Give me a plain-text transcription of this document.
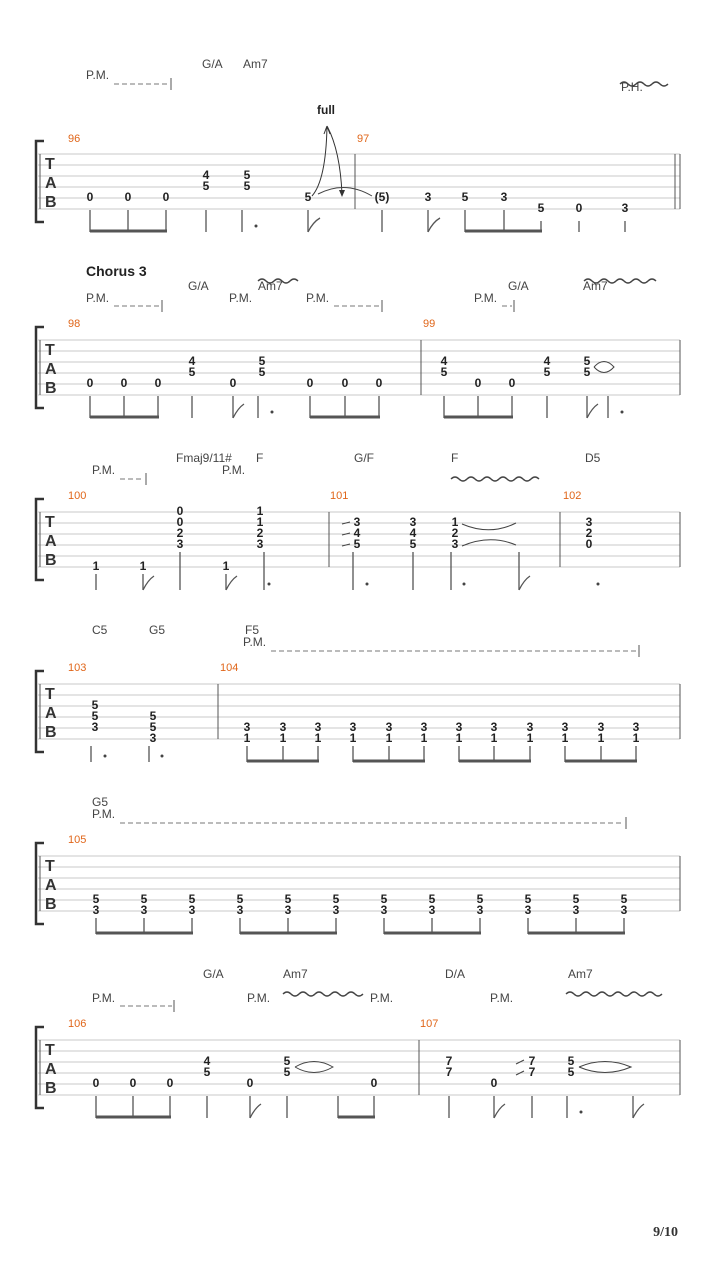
P.M.
G/A Am7
P.H.
full
96	97
T
A
B	0	0	0
4
5
5
5
5	(5)	3	5	3
5	0	3
Chorus 3
G/A	Am7	G/A	Am7
P.M.	P.M.	P.M.	P.M.
98	99
T
A
B	0 0 0
4
5
0
5
5
0 0 0
4
5
0 0
4
5
5
5
Fmaj9/11# F	G/F	F	D5
P.M.	P.M.
100	101	102
T
A
B	1	1
0
0
2
3
1
1
1
2
3
3
4
5
3
4
5
1
2
3
3
2
0
C5	G5	F5
P.M.
103	104
T
A
B
5
5
3
5
5
3
3
1
3
1
3
1
3
1
3
1
3
1
3
1
3
1
3
1
3
1
3
1
3
1
G5
P.M.
105
T
A
B	5
3
5
3
5
3
5
3
5
3
5
3
5
3
5
3
5
3
5
3
5
3
5
3
G/A	Am7	D/A	Am7
P.M.	P.M.	P.M.	P.M.
106	107
T
A
B	0	0	0
4
5
0
5
5
0
7
7
0
7
7
5
5
9/10
